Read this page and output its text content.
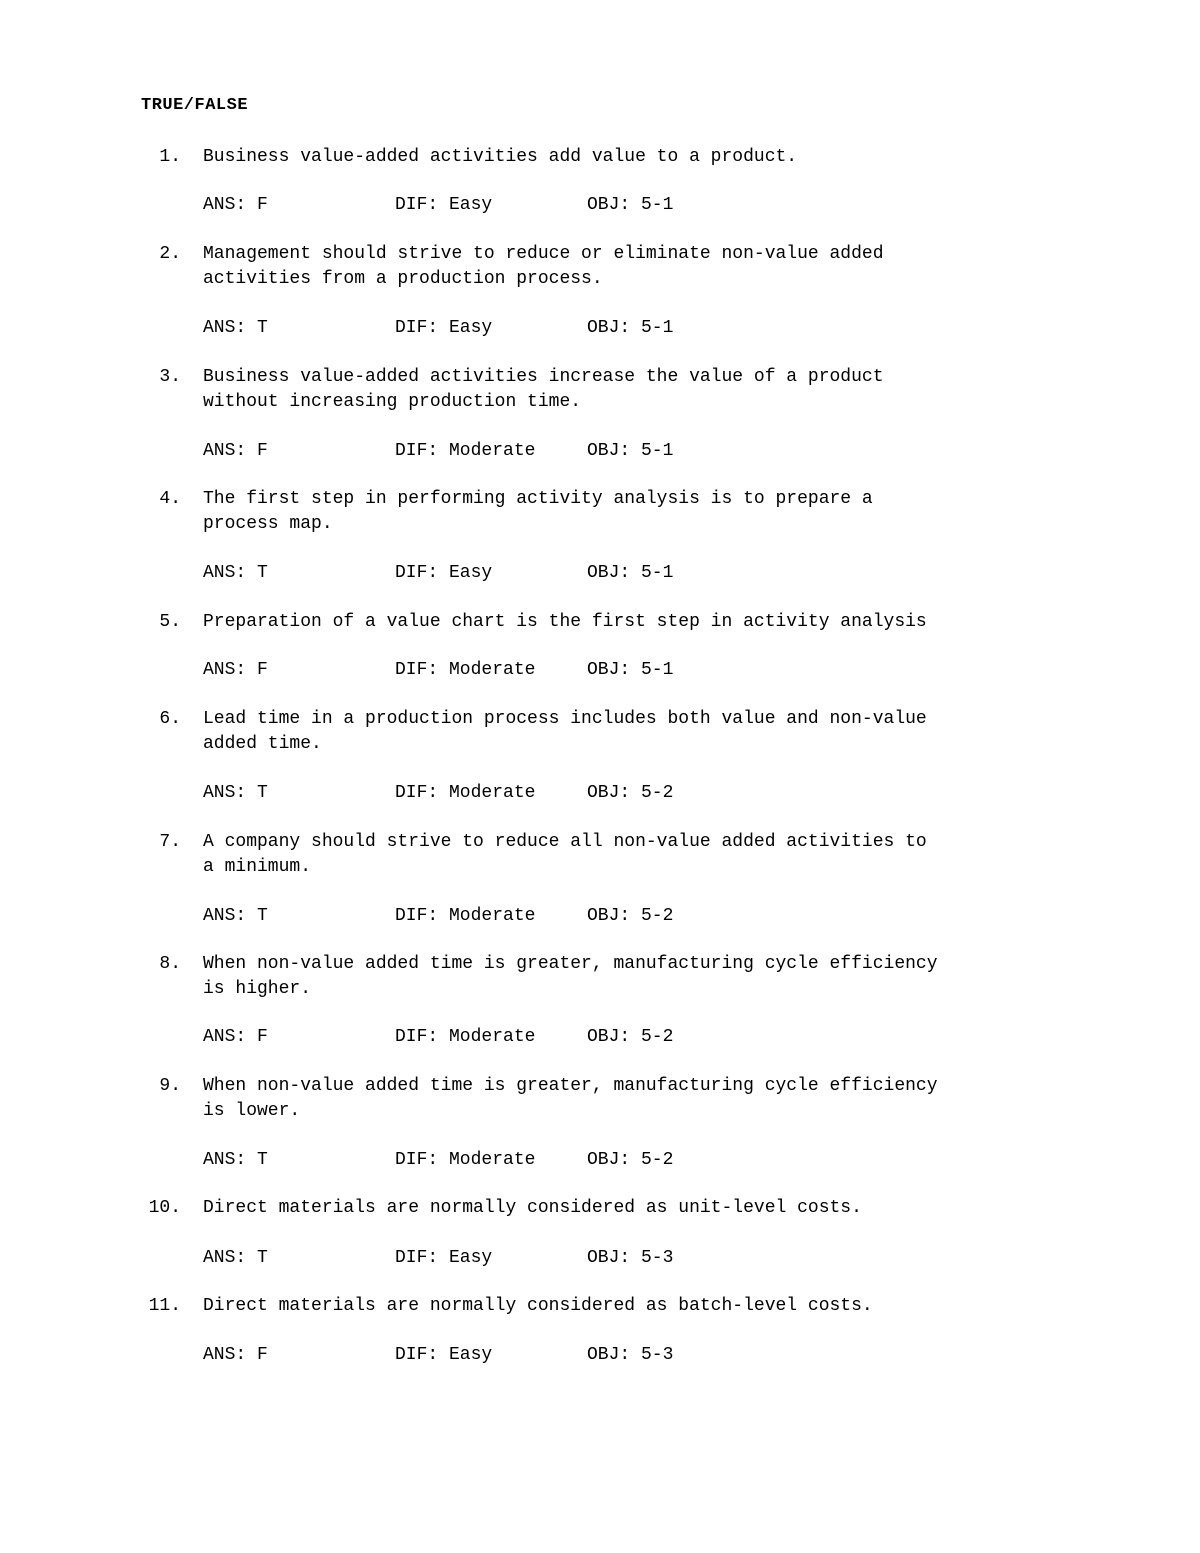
TRUE/FALSE
1. Business value-added activities add value to a product.

ANS: F	DIF: Easy	OBJ: 5-1
2. Management should strive to reduce or eliminate non-value added

activities from a production process.

ANS: T	DIF: Easy	OBJ: 5-1
3. Business value-added activities increase the value of a product

without increasing production time.

ANS: F	DIF: Moderate	OBJ: 5-1
4. The first step in performing activity analysis is to prepare a

process map.

ANS: T	DIF: Easy	OBJ: 5-1
5. Preparation of a value chart is the first step in activity analysis

ANS: F	DIF: Moderate	OBJ: 5-1
6. Lead time in a production process includes both value and non-value

added time.

ANS: T	DIF: Moderate	OBJ: 5-2
7. A company should strive to reduce all non-value added activities to

a minimum.

ANS: T	DIF: Moderate	OBJ: 5-2
8. When non-value added time is greater, manufacturing cycle efficiency

is higher.

ANS: F	DIF: Moderate	OBJ: 5-2
9. When non-value added time is greater, manufacturing cycle efficiency

is lower.

ANS: T	DIF: Moderate	OBJ: 5-2
10. Direct materials are normally considered as unit-level costs.

ANS: T	DIF: Easy	OBJ: 5-3
11. Direct materials are normally considered as batch-level costs.

ANS: F	DIF: Easy	OBJ: 5-3
